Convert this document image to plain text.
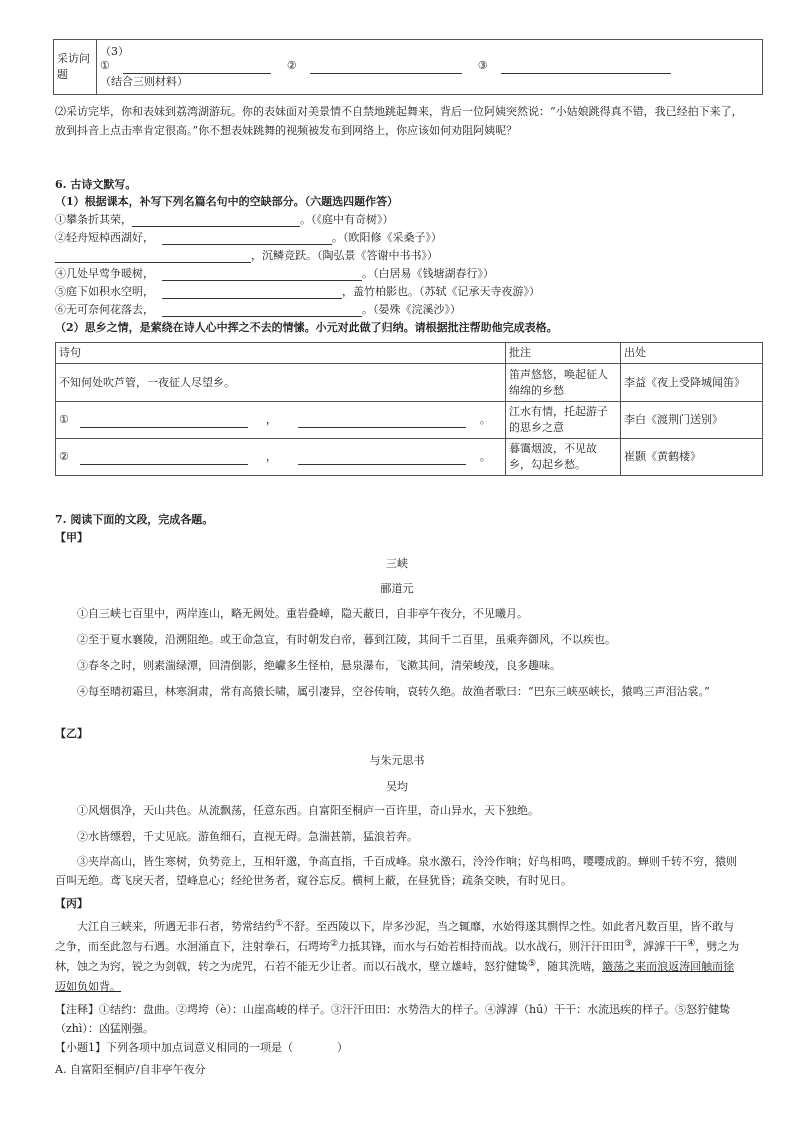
采访问题	
（3）
①	②	③
（结合三则材料）
⑵采访完毕，你和表妹到荔湾湖游玩。你的表妹面对美景情不自禁地跳起舞来，背后一位阿姨突然说：“小姑娘跳得真不错，我已经拍下来了，放到抖音上点击率肯定很高。”你不想表妹跳舞的视频被发布到网络上，你应该如何劝阻阿姨呢？
6. 古诗文默写。
（1）根据课本，补写下列名篇名句中的空缺部分。（六题选四题作答）
①攀条折其荣，	。（《庭中有奇树》）
②轻舟短棹西湖好，	。（欧阳修《采桑子》）
，沉鳞竞跃。（陶弘景《答谢中书书》）
④几处早莺争暖树，	。（白居易《钱塘湖春行》）
⑤庭下如积水空明，	，盖竹柏影也。（苏轼《记承天寺夜游》）
⑥无可奈何花落去，	。（晏殊《浣溪沙》）
（2）思乡之情，是萦绕在诗人心中挥之不去的情愫。小元对此做了归纳。请根据批注帮助他完成表格。
诗句	批注	出处
不知何处吹芦管，一夜征人尽望乡。	笛声悠悠，唤起征人绵绵的乡愁	李益《夜上受降城闻笛》
① ， 。	江水有情，托起游子的思乡之意	李白《渡荆门送别》
② ， 。	暮霭烟波，不见故乡，勾起乡愁。	崔颢《黄鹤楼》
7. 阅读下面的文段，完成各题。
【甲】
三峡
郦道元
①自三峡七百里中，两岸连山，略无阙处。重岩叠嶂，隐天蔽日，自非亭午夜分，不见曦月。
②至于夏水襄陵，沿溯阻绝。或王命急宣，有时朝发白帝，暮到江陵，其间千二百里，虽乘奔御风，不以疾也。
③春冬之时，则素湍绿潭，回清倒影，绝巘多生怪柏，悬泉瀑布，飞漱其间，清荣峻茂，良多趣味。
④每至晴初霜旦，林寒涧肃，常有高猿长啸，属引凄异，空谷传响，哀转久绝。故渔者歌曰：“巴东三峡巫峡长，猿鸣三声泪沾裳。”
【乙】
与朱元思书
吴均
①风烟俱净，天山共色。从流飘荡，任意东西。自富阳至桐庐一百许里，奇山异水，天下独绝。
②水皆缥碧，千丈见底。游鱼细石，直视无碍。急湍甚箭，猛浪若奔。
③夹岸高山，皆生寒树，负势竞上，互相轩邈，争高直指，千百成峰。泉水激石，泠泠作响；好鸟相鸣，嘤嘤成韵。蝉则千转不穷，猿则百叫无绝。鸢飞戾天者，望峰息心；经纶世务者，窥谷忘反。横柯上蔽，在昼犹昏；疏条交映，有时见日。
【丙】
大江自三峡来，所遇无非石者，势常结约①不舒。至西陵以下，岸多沙泥，当之辄靡，水始得遂其剽悍之性。如此者凡数百里，皆不敢与之争，而至此忽与石遇。水洄涌直下，注射拳石，石堮垮②力抵其锋，而水与石始若相持而战。以水战石，则汗汗田田③，滹滹干干④，劈之为林，蚀之为窍，锐之为剑戟，转之为虎咒，石若不能无少让者。而以石战水，壁立雄峙，怒狞健鸷⑤，随其洗啮，簸荡之来而浪返涛回触而徐迈如负如背。
【注释】①结约：盘曲。②堮垮（è）：山崖高峻的样子。③汗汗田田：水势浩大的样子。④滹滹（hū）干干：水流迅疾的样子。⑤怒狞健鸷（zhì）：凶猛刚强。
【小题1】下列各项中加点词意义相同的一项是（　　　　）
A. 自富阳至桐庐/自非亭午夜分
